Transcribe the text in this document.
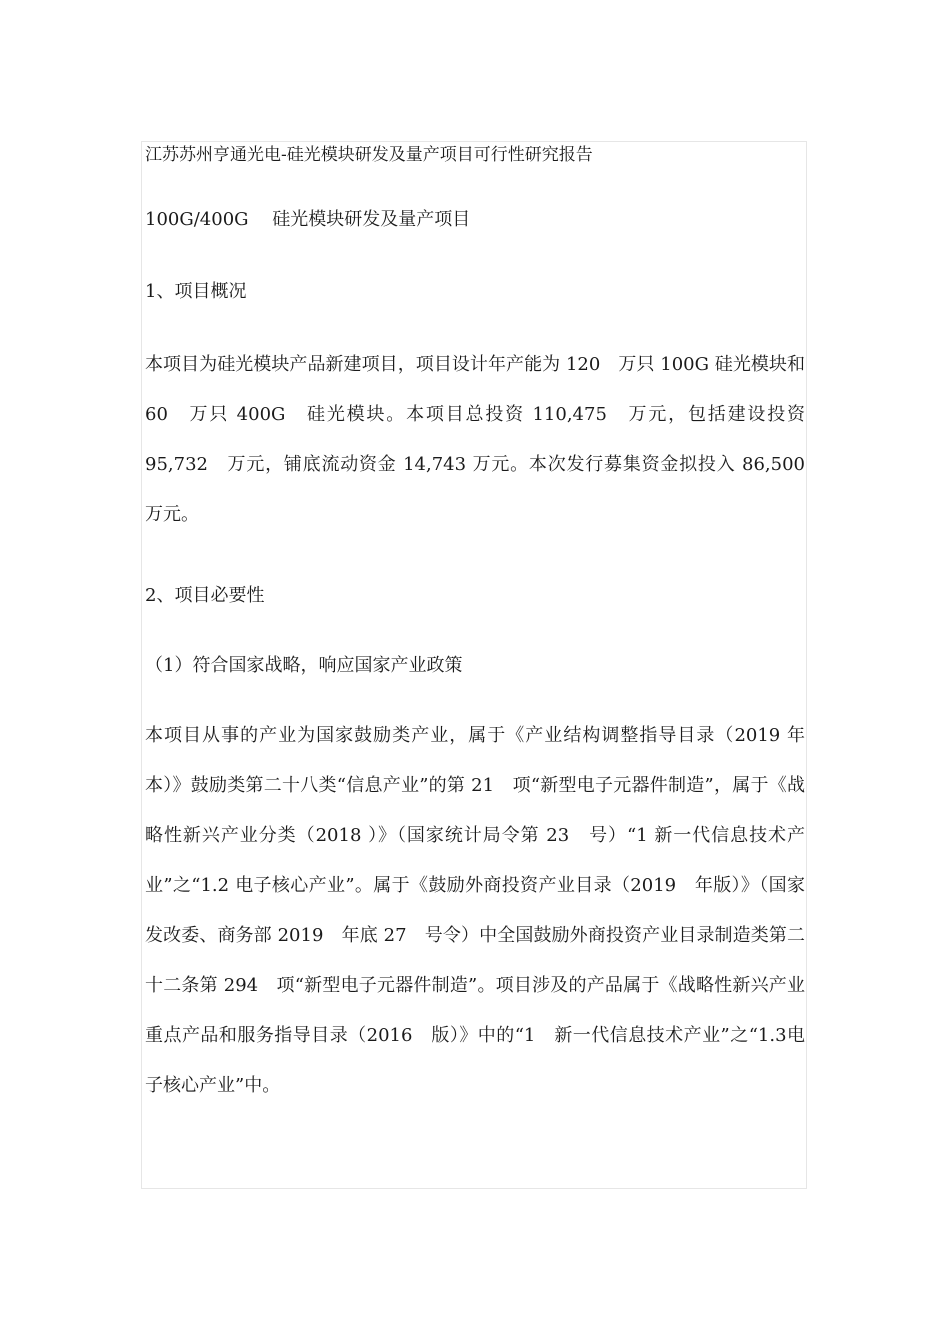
江苏苏州亨通光电-硅光模块研发及量产项目可行性研究报告

100G/400G　 硅光模块研发及量产项目

1、项目概况

本项目为硅光模块产品新建项目，项目设计年产能为 120　万只 100G 硅光模块和 60　万只 400G　硅光模块。本项目总投资 110,475　万元，包括建设投资 95,732　万元，铺底流动资金 14,743 万元。本次发行募集资金拟投入 86,500　万元。

2、项目必要性

（1）符合国家战略，响应国家产业政策

本项目从事的产业为国家鼓励类产业，属于《产业结构调整指导目录（2019 年本）》鼓励类第二十八类“信息产业”的第 21　项“新型电子元器件制造”，属于《战略性新兴产业分类（2018 ）》（国家统计局令第 23　号）“1 新一代信息技术产业”之“1.2 电子核心产业”。属于《鼓励外商投资产业目录（2019　年版）》（国家发改委、商务部 2019　年底 27　号令）中全国鼓励外商投资产业目录制造类第二十二条第 294　项“新型电子元器件制造”。项目涉及的产品属于《战略性新兴产业重点产品和服务指导目录（2016　版）》中的“1　新一代信息技术产业”之“1.3电子核心产业”中。
